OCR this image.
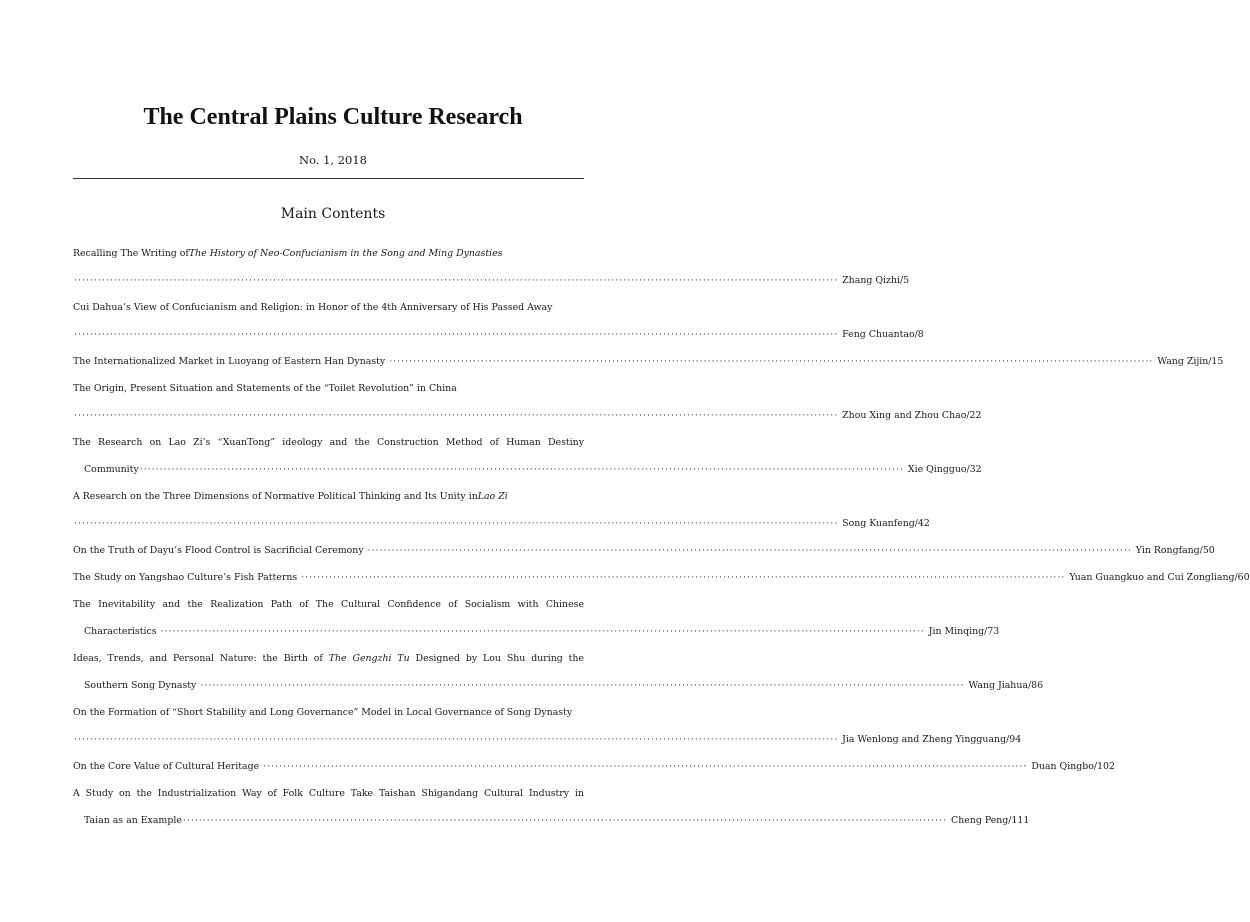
The Central Plains Culture Research
No. 1, 2018
Main Contents
Recalling The Writing of The History of Neo-Confucianism in the Song and Ming Dynasties
································································································································································································ Zhang Qizhi/5
Cui Dahua’s View of Confucianism and Religion: in Honor of the 4th Anniversary of His Passed Away
································································································································································································ Feng Chuantao/8
The Internationalized Market in Luoyang of Eastern Han Dynasty ································································································································································································ Wang Zijin/15
The Origin, Present Situation and Statements of the “Toilet Revolution” in China
································································································································································································ Zhou Xing and Zhou Chao/22
The Research on Lao Zi’s “XuanTong” ideology and the Construction Method of Human Destiny
Community ································································································································································································ Xie Qingguo/32
A Research on the Three Dimensions of Normative Political Thinking and Its Unity in Lao Zi
································································································································································································ Song Kuanfeng/42
On the Truth of Dayu’s Flood Control is Sacrificial Ceremony ································································································································································································ Yin Rongfang/50
The Study on Yangshao Culture’s Fish Patterns ································································································································································································ Yuan Guangkuo and Cui Zongliang/60
The Inevitability and the Realization Path of The Cultural Confidence of Socialism with Chinese
Characteristics ································································································································································································ Jin Minqing/73
Ideas, Trends, and Personal Nature: the Birth of The Gengzhi Tu Designed by Lou Shu during the
Southern Song Dynasty ································································································································································································ Wang Jiahua/86
On the Formation of “Short Stability and Long Governance” Model in Local Governance of Song Dynasty
································································································································································································ Jia Wenlong and Zheng Yingguang/94
On the Core Value of Cultural Heritage ································································································································································································ Duan Qingbo/102
A Study on the Industrialization Way of Folk Culture Take Taishan Shigandang Cultural Industry in
Taian as an Example ································································································································································································ Cheng Peng/111
